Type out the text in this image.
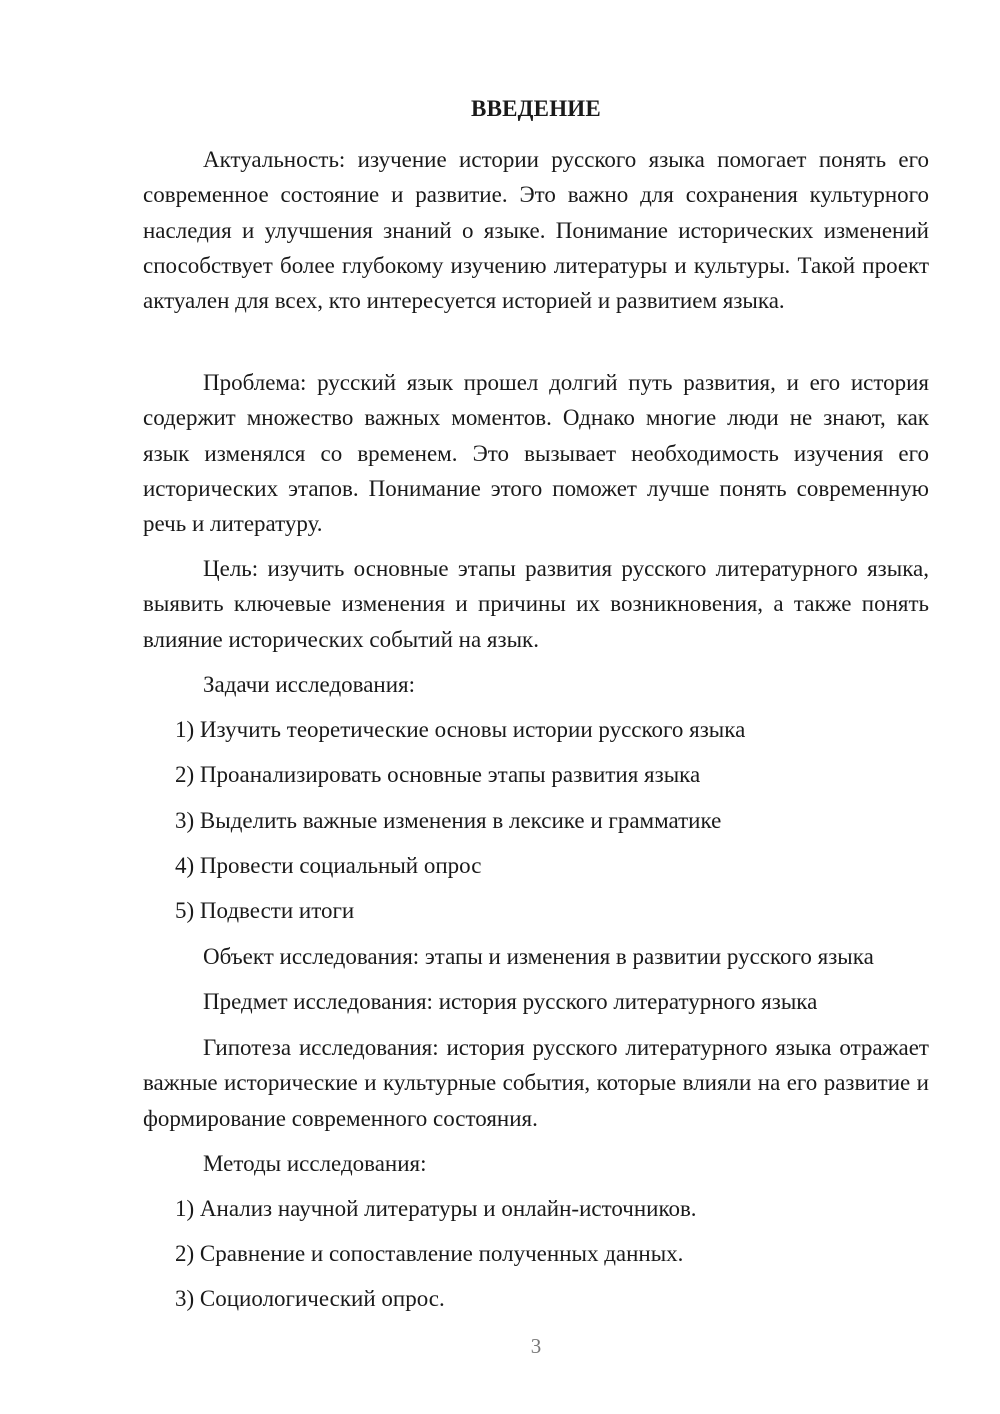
ВВЕДЕНИЕ

Актуальность: изучение истории русского языка помогает понять его современное состояние и развитие. Это важно для сохранения культурного наследия и улучшения знаний о языке. Понимание исторических изменений способствует более глубокому изучению литературы и культуры. Такой проект актуален для всех, кто интересуется историей и развитием языка.

Проблема: русский язык прошел долгий путь развития, и его история содержит множество важных моментов. Однако многие люди не знают, как язык изменялся со временем. Это вызывает необходимость изучения его исторических этапов. Понимание этого поможет лучше понять современную речь и литературу.

Цель: изучить основные этапы развития русского литературного языка, выявить ключевые изменения и причины их возникновения, а также понять влияние исторических событий на язык.

Задачи исследования:

1) Изучить теоретические основы истории русского языка

2) Проанализировать основные этапы развития языка

3) Выделить важные изменения в лексике и грамматике

4) Провести социальный опрос

5) Подвести итоги

Объект исследования: этапы и изменения в развитии русского языка

Предмет исследования: история русского литературного языка

Гипотеза исследования: история русского литературного языка отражает важные исторические и культурные события, которые влияли на его развитие и формирование современного состояния.

Методы исследования:

1) Анализ научной литературы и онлайн-источников.

2) Сравнение и сопоставление полученных данных.

3) Социологический опрос.

3
